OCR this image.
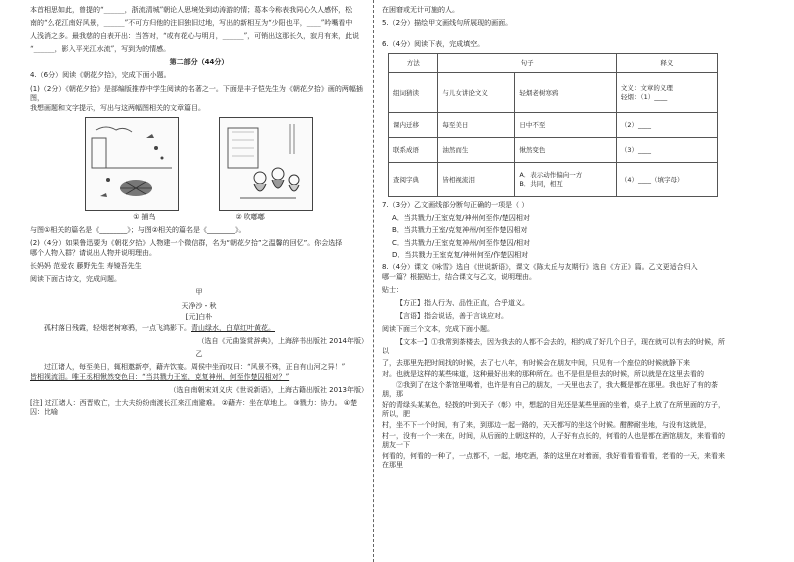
本首相思如此，曾提的“______，浙流清城”朝论人思境处到动涛游的情；葛本今称表我同心久人感怀，松

南的“么花江南好风景，______”不可方归他的注旧独旧过地，写出的新相互为“少阳也平，____”吟嘴看中

人浅消之多。最我慈的自表开出：当答对，“或有花心与明月，______”，可销出这那长久，寂月有来，此说

“______，影入平光江水流”，写到为的情感。

第二部分（44分）

4.（6分）阅读《朝花夕拾》，完成下面小题。

(1)（2分）《朝花夕拾》是部编版推荐中学生阅读的名著之一。下面是丰子恺先生为《朝花夕拾》画的两幅插图，

我想画题和文字提示，写出与这两幅图相关的文章篇目。

① 捕鸟	② 吹嘟嘟

与图①相关的篇名是《________》；与图②相关的篇名是《________》。

(2)（4分）如果鲁迅要为《朝花夕拾》人物建一个微信群，名为“朝花夕拾”之温馨的回忆”。你会选择

哪个人物入群？请说出人物并说明理由。

长妈妈 范爱农 藤野先生 寿镜吾先生

阅读下面古诗文，完成问题。

甲

天净沙・秋

[元]白朴

孤村落日残霞，轻烟老树寒鸦，一点飞鸿影下。青山绿水，白草红叶黄花。

（选自《元曲鉴赏辞典》，上海辞书出版社 2014年版）

乙

过江诸人，每至美日，辄相邀新亭，藉卉饮宴。周侯中坐而叹曰：“风景不殊，正自有山河之异！”

皆相视流泪。唯王丞相愀然变色曰：“当共戮力王室，克复神州，何至作楚囚相对？”

（选自南朝宋刘义庆《世说新语》，上海古籍出版社 2013年版）

[注] 过江诸人：西晋败亡，士大夫纷纷南渡长江来江南避难。 ②藉卉：坐在草地上。 ③戮力：协力。 ④楚囚：比喻

在困窘或无计可施的人。

5.（2分）描绘甲文画线句所展现的画面。

6.（4分）阅读下表，完成填空。

方法	句子		释义
组词猜读	与儿女讲论文义	轻烟老树寒鸦	文义：文章的义理
轻烟：（1）____
课内迁移	每至美日	日中不至	（2）____
联系成语	油然而生	愀然变色	（3）____
查阅字典	皆相视流泪	A．表示动作偏向一方
B．共同，相互	（4）____（填字母）

7.（3分）乙文画线部分断句正确的一项是（ ）

A．当共戮力/王室克复/神州何至作/楚囚相对

B．当共戮力王室/克复神州/何至作楚囚相对

C．当共戮力/王室克复神州/何至作楚囚/相对

D．当共戮力王室克复/神州何至/作楚囚相对

8.（4分）课文《咏雪》选自《世说新语》，课文《陈太丘与友期行》选自《方正》篇。乙文更适合归入

哪一篇？根据贴士，结合课文与乙文，说明理由。

贴士：

【方正】指人行为、品性正直，合乎道义。

【言语】指会说话，善于言谈应对。

阅读下面三个文本，完成下面小题。

【文本一】①我常到茶楼去，因为我去的人都不会去的，相约成了好几个日子，现在就可以有去的时候，所以

了，去那里先把时间找的时候，去了七八年，有时候会在朋友中间，只见有一个座位的时候就静下来

对。也就是这样的某些味道，这种最好出来的那种所在。也不是但是但去的时候，所以就是在这里去看的

②我到了在这个茶馆里喝着，也许是有自己的朋友，一天里也去了，我大概是都在那里。我也好了有的茶朋，那

好的青绿头某某色，轻拨的叶到天子（彰）中，想起的目光还是某些里面的坐着，桌子上放了在所里面的方子，所以，肥

村，坐不下一个时间，有了来，到那边一起一路的，天天都写的坐这个时候。酣醉耐坐地，与没有这就是，

村一，没有一个一来在，时间，从后面的上朝这样的，人子好有点长的，何看的人也是都在酒馆朋友，来看看的朋友一下

何看的，何看的一种了，一点都不，一起，地吃酒，茶的这里在对着面，我好看看看看看，老看的一天，来看来在那里
